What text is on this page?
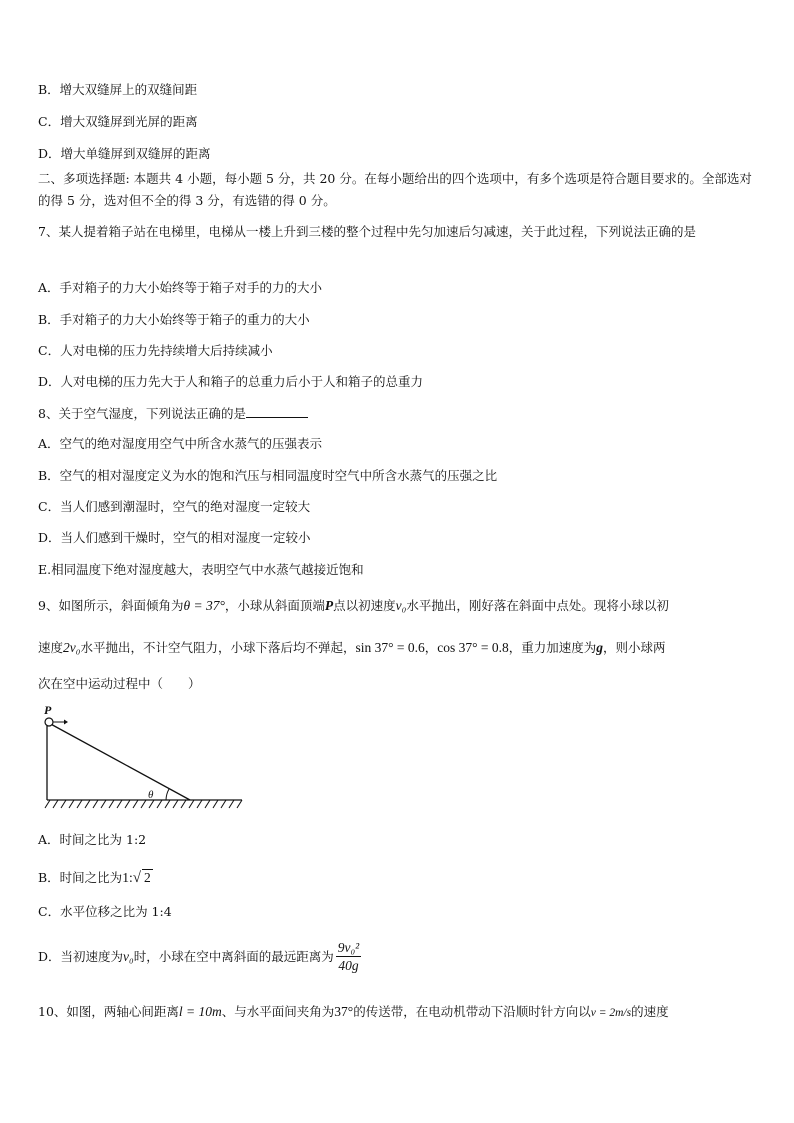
B．增大双缝屏上的双缝间距
C．增大双缝屏到光屏的距离
D．增大单缝屏到双缝屏的距离
二、多项选择题: 本题共 4 小题，每小题 5 分，共 20 分。在每小题给出的四个选项中，有多个选项是符合题目要求的。全部选对的得 5 分，选对但不全的得 3 分，有选错的得 0 分。
7、某人提着箱子站在电梯里，电梯从一楼上升到三楼的整个过程中先匀加速后匀减速，关于此过程，下列说法正确的是
A．手对箱子的力大小始终等于箱子对手的力的大小
B．手对箱子的力大小始终等于箱子的重力的大小
C．人对电梯的压力先持续增大后持续减小
D．人对电梯的压力先大于人和箱子的总重力后小于人和箱子的总重力
8、关于空气湿度，下列说法正确的是
A．空气的绝对湿度用空气中所含水蒸气的压强表示
B．空气的相对湿度定义为水的饱和汽压与相同温度时空气中所含水蒸气的压强之比
C．当人们感到潮湿时，空气的绝对湿度一定较大
D．当人们感到干燥时，空气的相对湿度一定较小
E.相同温度下绝对湿度越大，表明空气中水蒸气越接近饱和
9、如图所示，斜面倾角为θ = 37°，小球从斜面顶端P点以初速度v₀水平抛出，刚好落在斜面中点处。现将小球以初
速度2v₀水平抛出，不计空气阻力，小球下落后均不弹起，sin 37° = 0.6，cos 37° = 0.8，重力加速度为g，则小球两
次在空中运动过程中（　　）
θ
P
A．时间之比为 1:2
B．时间之比为1:√ 2
C．水平位移之比为 1:4
D．当初速度为v₀时，小球在空中离斜面的最远距离为 $\frac{\text{9v₀²}}{40g}$
10、如图，两轴心间距离l = 10m、与水平面间夹角为37°的传送带，在电动机带动下沿顺时针方向以v = 2m/s的速度
